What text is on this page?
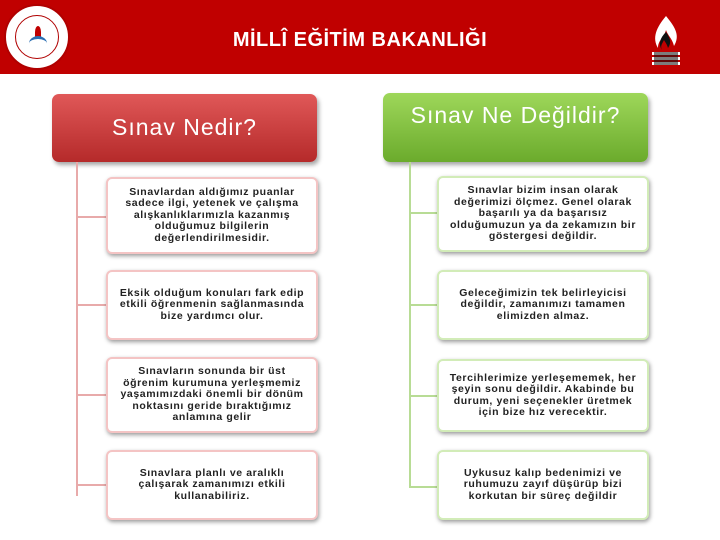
MİLLÎ EĞİTİM BAKANLIĞI
Sınav Nedir?
Sınavlardan aldığımız puanlar sadece ilgi, yetenek ve çalışma alışkanlıklarımızla kazanmış olduğumuz bilgilerin değerlendirilmesidir.
Eksik olduğum konuları fark edip etkili öğrenmenin sağlanmasında bize yardımcı olur.
Sınavların sonunda bir üst öğrenim kurumuna yerleşmemiz yaşamımızdaki önemli bir dönüm noktasını geride bıraktığımız anlamına gelir
Sınavlara planlı ve aralıklı çalışarak zamanımızı etkili kullanabiliriz.
Sınav Ne Değildir?
Sınavlar bizim insan olarak değerimizi ölçmez. Genel olarak başarılı ya da başarısız olduğumuzun ya da zekamızın bir göstergesi değildir.
Geleceğimizin tek belirleyicisi değildir, zamanımızı tamamen elimizden almaz.
Tercihlerimize yerleşememek, her şeyin sonu değildir. Akabinde bu durum, yeni seçenekler üretmek için bize hız verecektir.
Uykusuz kalıp bedenimizi ve ruhumuzu zayıf düşürüp bizi korkutan bir süreç değildir
